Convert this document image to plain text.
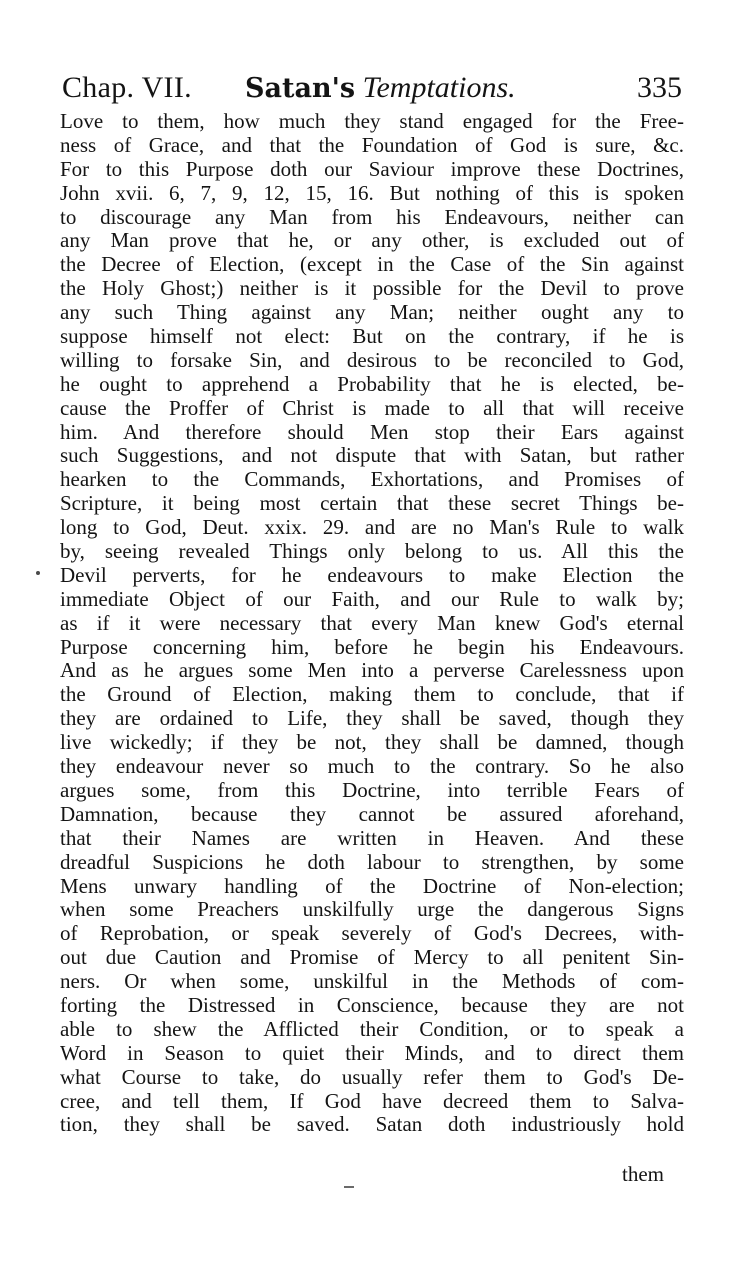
Chap. VII. Satan's Temptations.	335
Love to them, how much they stand engaged for the Free-
ness of Grace, and that the Foundation of God is sure, &c.
For to this Purpose doth our Saviour improve these Doctrines,
John xvii. 6, 7, 9, 12, 15, 16. But nothing of this is spoken
to discourage any Man from his Endeavours, neither can
any Man prove that he, or any other, is excluded out of
the Decree of Election, (except in the Case of the Sin against
the Holy Ghost;) neither is it possible for the Devil to prove
any such Thing against any Man; neither ought any to
suppose himself not elect: But on the contrary, if he is
willing to forsake Sin, and desirous to be reconciled to God,
he ought to apprehend a Probability that he is elected, be-
cause the Proffer of Christ is made to all that will receive
him. And therefore should Men stop their Ears against
such Suggestions, and not dispute that with Satan, but rather
hearken to the Commands, Exhortations, and Promises of
Scripture, it being most certain that these secret Things be-
long to God, Deut. xxix. 29. and are no Man's Rule to walk
by, seeing revealed Things only belong to us. All this the
Devil perverts, for he endeavours to make Election the
immediate Object of our Faith, and our Rule to walk by;
as if it were necessary that every Man knew God's eternal
Purpose concerning him, before he begin his Endeavours.
And as he argues some Men into a perverse Carelessness upon
the Ground of Election, making them to conclude, that if
they are ordained to Life, they shall be saved, though they
live wickedly; if they be not, they shall be damned, though
they endeavour never so much to the contrary. So he also
argues some, from this Doctrine, into terrible Fears of
Damnation, because they cannot be assured aforehand,
that their Names are written in Heaven. And these
dreadful Suspicions he doth labour to strengthen, by some
Mens unwary handling of the Doctrine of Non-election;
when some Preachers unskilfully urge the dangerous Signs
of Reprobation, or speak severely of God's Decrees, with-
out due Caution and Promise of Mercy to all penitent Sin-
ners. Or when some, unskilful in the Methods of com-
forting the Distressed in Conscience, because they are not
able to shew the Afflicted their Condition, or to speak a
Word in Season to quiet their Minds, and to direct them
what Course to take, do usually refer them to God's De-
cree, and tell them, If God have decreed them to Salva-
tion, they shall be saved. Satan doth industriously hold
them
